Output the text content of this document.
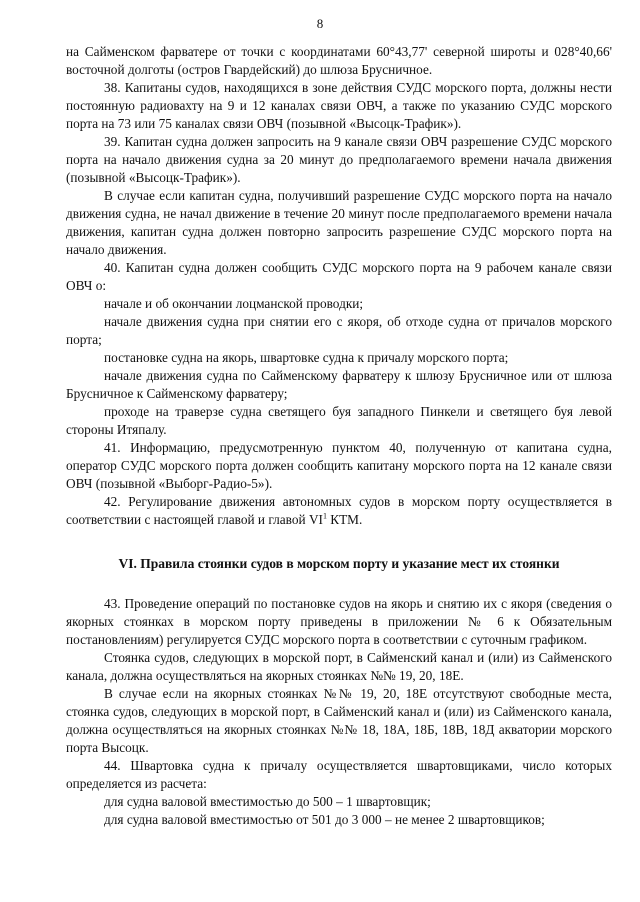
8

на Сайменском фарватере от точки с координатами 60°43,77' северной широты и 028°40,66' восточной долготы (остров Гвардейский) до шлюза Брусничное.

38. Капитаны судов, находящихся в зоне действия СУДС морского порта, должны нести постоянную радиовахту на 9 и 12 каналах связи ОВЧ, а также по указанию СУДС морского порта на 73 или 75 каналах связи ОВЧ (позывной «Высоцк-Трафик»).

39. Капитан судна должен запросить на 9 канале связи ОВЧ разрешение СУДС морского порта на начало движения судна за 20 минут до предполагаемого времени начала движения (позывной «Высоцк-Трафик»).

В случае если капитан судна, получивший разрешение СУДС морского порта на начало движения судна, не начал движение в течение 20 минут после предполагаемого времени начала движения, капитан судна должен повторно запросить разрешение СУДС морского порта на начало движения.

40. Капитан судна должен сообщить СУДС морского порта на 9 рабочем канале связи ОВЧ о:

начале и об окончании лоцманской проводки;

начале движения судна при снятии его с якоря, об отходе судна от причалов морского порта;

постановке судна на якорь, швартовке судна к причалу морского порта;

начале движения судна по Сайменскому фарватеру к шлюзу Брусничное или от шлюза Брусничное к Сайменскому фарватеру;

проходе на траверзе судна светящего буя западного Пинкели и светящего буя левой стороны Итяпалу.

41. Информацию, предусмотренную пунктом 40, полученную от капитана судна, оператор СУДС морского порта должен сообщить капитану морского порта на 12 канале связи ОВЧ (позывной «Выборг-Радио-5»).

42. Регулирование движения автономных судов в морском порту осуществляется в соответствии с настоящей главой и главой $VI^1$ КТМ.

VI. Правила стоянки судов в морском порту и указание мест их стоянки

43. Проведение операций по постановке судов на якорь и снятию их с якоря (сведения о якорных стоянках в морском порту приведены в приложении № 6 к Обязательным постановлениям) регулируется СУДС морского порта в соответствии с суточным графиком.

Стоянка судов, следующих в морской порт, в Сайменский канал и (или) из Сайменского канала, должна осуществляться на якорных стоянках №№ 19, 20, 18Е.

В случае если на якорных стоянках №№ 19, 20, 18Е отсутствуют свободные места, стоянка судов, следующих в морской порт, в Сайменский канал и (или) из Сайменского канала, должна осуществляться на якорных стоянках №№ 18, 18А, 18Б, 18В, 18Д акватории морского порта Высоцк.

44. Швартовка судна к причалу осуществляется швартовщиками, число которых определяется из расчета:

для судна валовой вместимостью до 500 – 1 швартовщик;

для судна валовой вместимостью от 501 до 3 000 – не менее 2 швартовщиков;
